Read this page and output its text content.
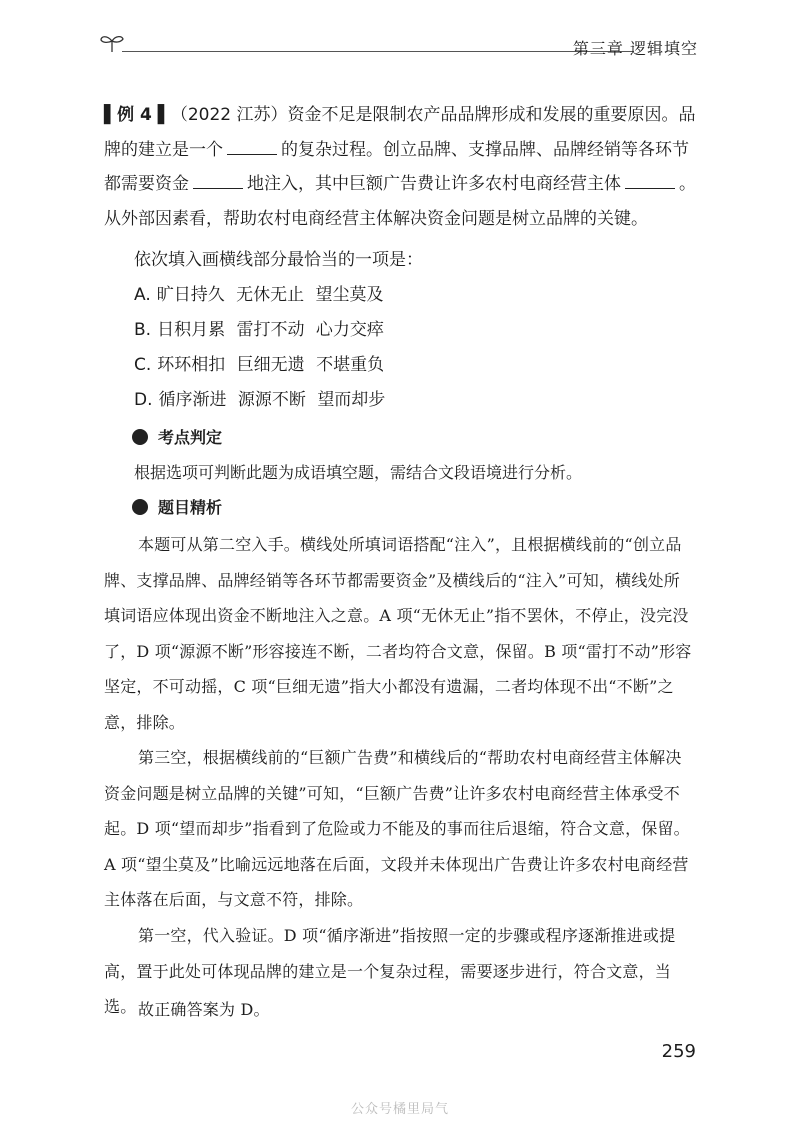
第三章 逻辑填空

▌例 4 ▌（2022 江苏）资金不足是限制农产品品牌形成和发展的重要原因。品牌的建立是一个	的复杂过程。创立品牌、支撑品牌、品牌经销等各环节都需要资金	地注入，其中巨额广告费让许多农村电商经营主体	。从外部因素看，帮助农村电商经营主体解决资金问题是树立品牌的关键。

依次填入画横线部分最恰当的一项是：
A. 旷日持久 无休无止 望尘莫及
B. 日积月累 雷打不动 心力交瘁
C. 环环相扣 巨细无遗 不堪重负
D. 循序渐进 源源不断 望而却步
考点判定
根据选项可判断此题为成语填空题，需结合文段语境进行分析。
题目精析

本题可从第二空入手。横线处所填词语搭配“注入”，且根据横线前的“创立品牌、支撑品牌、品牌经销等各环节都需要资金”及横线后的“注入”可知，横线处所填词语应体现出资金不断地注入之意。A 项“无休无止”指不罢休，不停止，没完没了，D 项“源源不断”形容接连不断，二者均符合文意，保留。B 项“雷打不动”形容坚定，不可动摇，C 项“巨细无遗”指大小都没有遗漏，二者均体现不出“不断”之意，排除。

第三空，根据横线前的“巨额广告费”和横线后的“帮助农村电商经营主体解决资金问题是树立品牌的关键”可知，“巨额广告费”让许多农村电商经营主体承受不起。D 项“望而却步”指看到了危险或力不能及的事而往后退缩，符合文意，保留。A 项“望尘莫及”比喻远远地落在后面，文段并未体现出广告费让许多农村电商经营主体落在后面，与文意不符，排除。

第一空，代入验证。D 项“循序渐进”指按照一定的步骤或程序逐渐推进或提高，置于此处可体现品牌的建立是一个复杂过程，需要逐步进行，符合文意，当选。 故正确答案为 D。

259
公众号橘里局气
